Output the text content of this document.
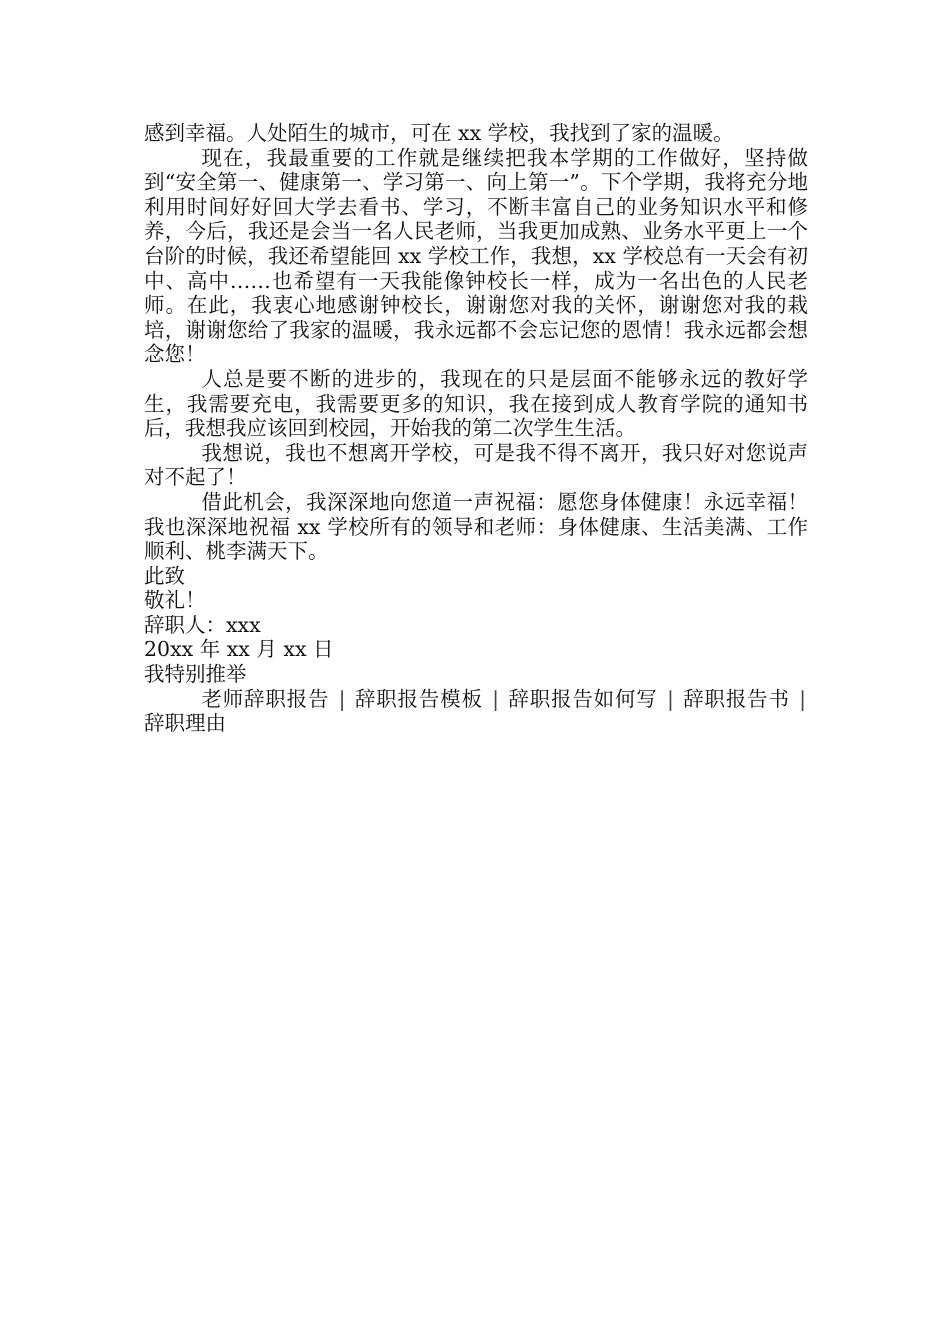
感到幸福。人处陌生的城市，可在 xx 学校，我找到了家的温暖。

现在，我最重要的工作就是继续把我本学期的工作做好，坚持做到“安全第一、健康第一、学习第一、向上第一”。下个学期，我将充分地利用时间好好回大学去看书、学习，不断丰富自己的业务知识水平和修养，今后，我还是会当一名人民老师，当我更加成熟、业务水平更上一个台阶的时候，我还希望能回 xx 学校工作，我想，xx 学校总有一天会有初中、高中……也希望有一天我能像钟校长一样，成为一名出色的人民老师。在此，我衷心地感谢钟校长，谢谢您对我的关怀，谢谢您对我的栽培，谢谢您给了我家的温暖，我永远都不会忘记您的恩情！我永远都会想念您！

人总是要不断的进步的，我现在的只是层面不能够永远的教好学生，我需要充电，我需要更多的知识，我在接到成人教育学院的通知书后，我想我应该回到校园，开始我的第二次学生生活。

我想说，我也不想离开学校，可是我不得不离开，我只好对您说声对不起了！

借此机会，我深深地向您道一声祝福：愿您身体健康！永远幸福！我也深深地祝福 xx 学校所有的领导和老师：身体健康、生活美满、工作顺利、桃李满天下。

此致

敬礼！

辞职人：xxx

20xx 年 xx 月 xx 日

我特别推举

老师辞职报告 | 辞职报告模板 | 辞职报告如何写 | 辞职报告书 | 辞职理由
